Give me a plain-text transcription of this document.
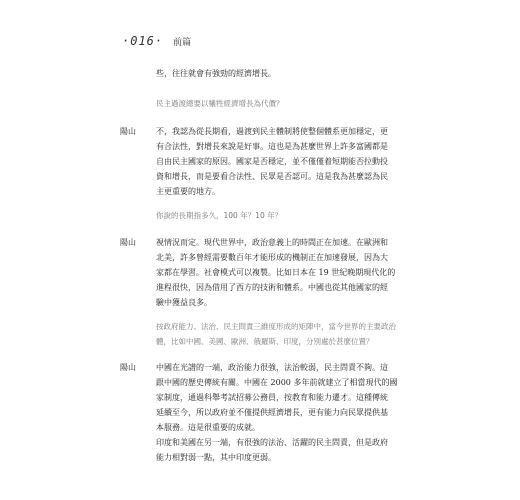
·016· 前篇
些，往往就會有強勁的經濟增長。
民主過渡總要以犧牲經濟增長為代價？
陽山	不，我認為從長期看，過渡到民主體制將使整個體系更加穩定，更
有合法性，對增長來說是好事。這也是為甚麼世界上許多富國都是
自由民主國家的原因。國家是否穩定，並不僅僅着短期能否拉動投
資和增長，而是要看合法性、民眾是否認可。這是我為甚麼認為民
主更重要的地方。
你說的長期指多久，100 年？10 年？
陽山	視情況而定。現代世界中，政治意義上的時間正在加速。在歐洲和
北美，許多曾經需要數百年才能形成的機制正在加速發展，因為大
家都在學習。社會模式可以複製。比如日本在 19 世紀晚期現代化的
進程很快，因為借用了西方的技術和體系。中國也從其他國家的經
驗中獲益良多。
按政府能力、法治、民主問責三維度形成的矩陣中，當今世界的主要政治
體，比如中國、美國、歐洲、俄羅斯、印度，分別處於甚麼位置？
陽山	中國在光譜的一端，政治能力很強，法治較弱，民主問責不夠。這
跟中國的歷史傳統有關。中國在 2000 多年前就建立了相當現代的國
家制度，通過科舉考試招募公務員，按教育和能力遷才。這種傳統
延續至今，所以政府並不僅提供經濟增長，更有能力向民眾提供基
本服務。這是很重要的成就。
印度和美國在另一端，有很強的法治、活躍的民主問責，但是政府
能力相對弱一點，其中印度更弱。
